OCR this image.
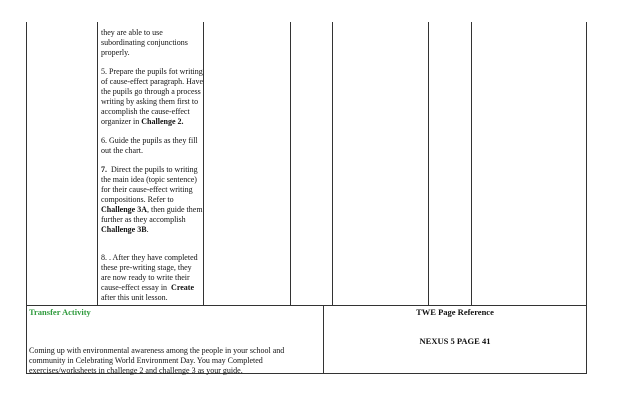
they are able to use subordinating conjunctions properly.

5. Prepare the pupils fot writing of cause-effect paragraph. Have the pupils go through a process writing by asking them first to accomplish the cause-effect organizer in Challenge 2.

6. Guide the pupils as they fill out the chart.

7.  Direct the pupils to writing the main idea (topic sentence) for their cause-effect writing compositions. Refer to Challenge 3A, then guide them further as they accomplish Challenge 3B.

8. . After they have completed these pre-writing stage, they are now ready to write their cause-effect essay in  Create  after this unit lesson.

Transfer Activity
Coming up with environmental awareness among the people in your school and community in Celebrating World Environment Day. You may Completed exercises/worksheets in challenge 2 and challenge 3 as your guide.
TWE Page Reference
NEXUS 5 PAGE 41
